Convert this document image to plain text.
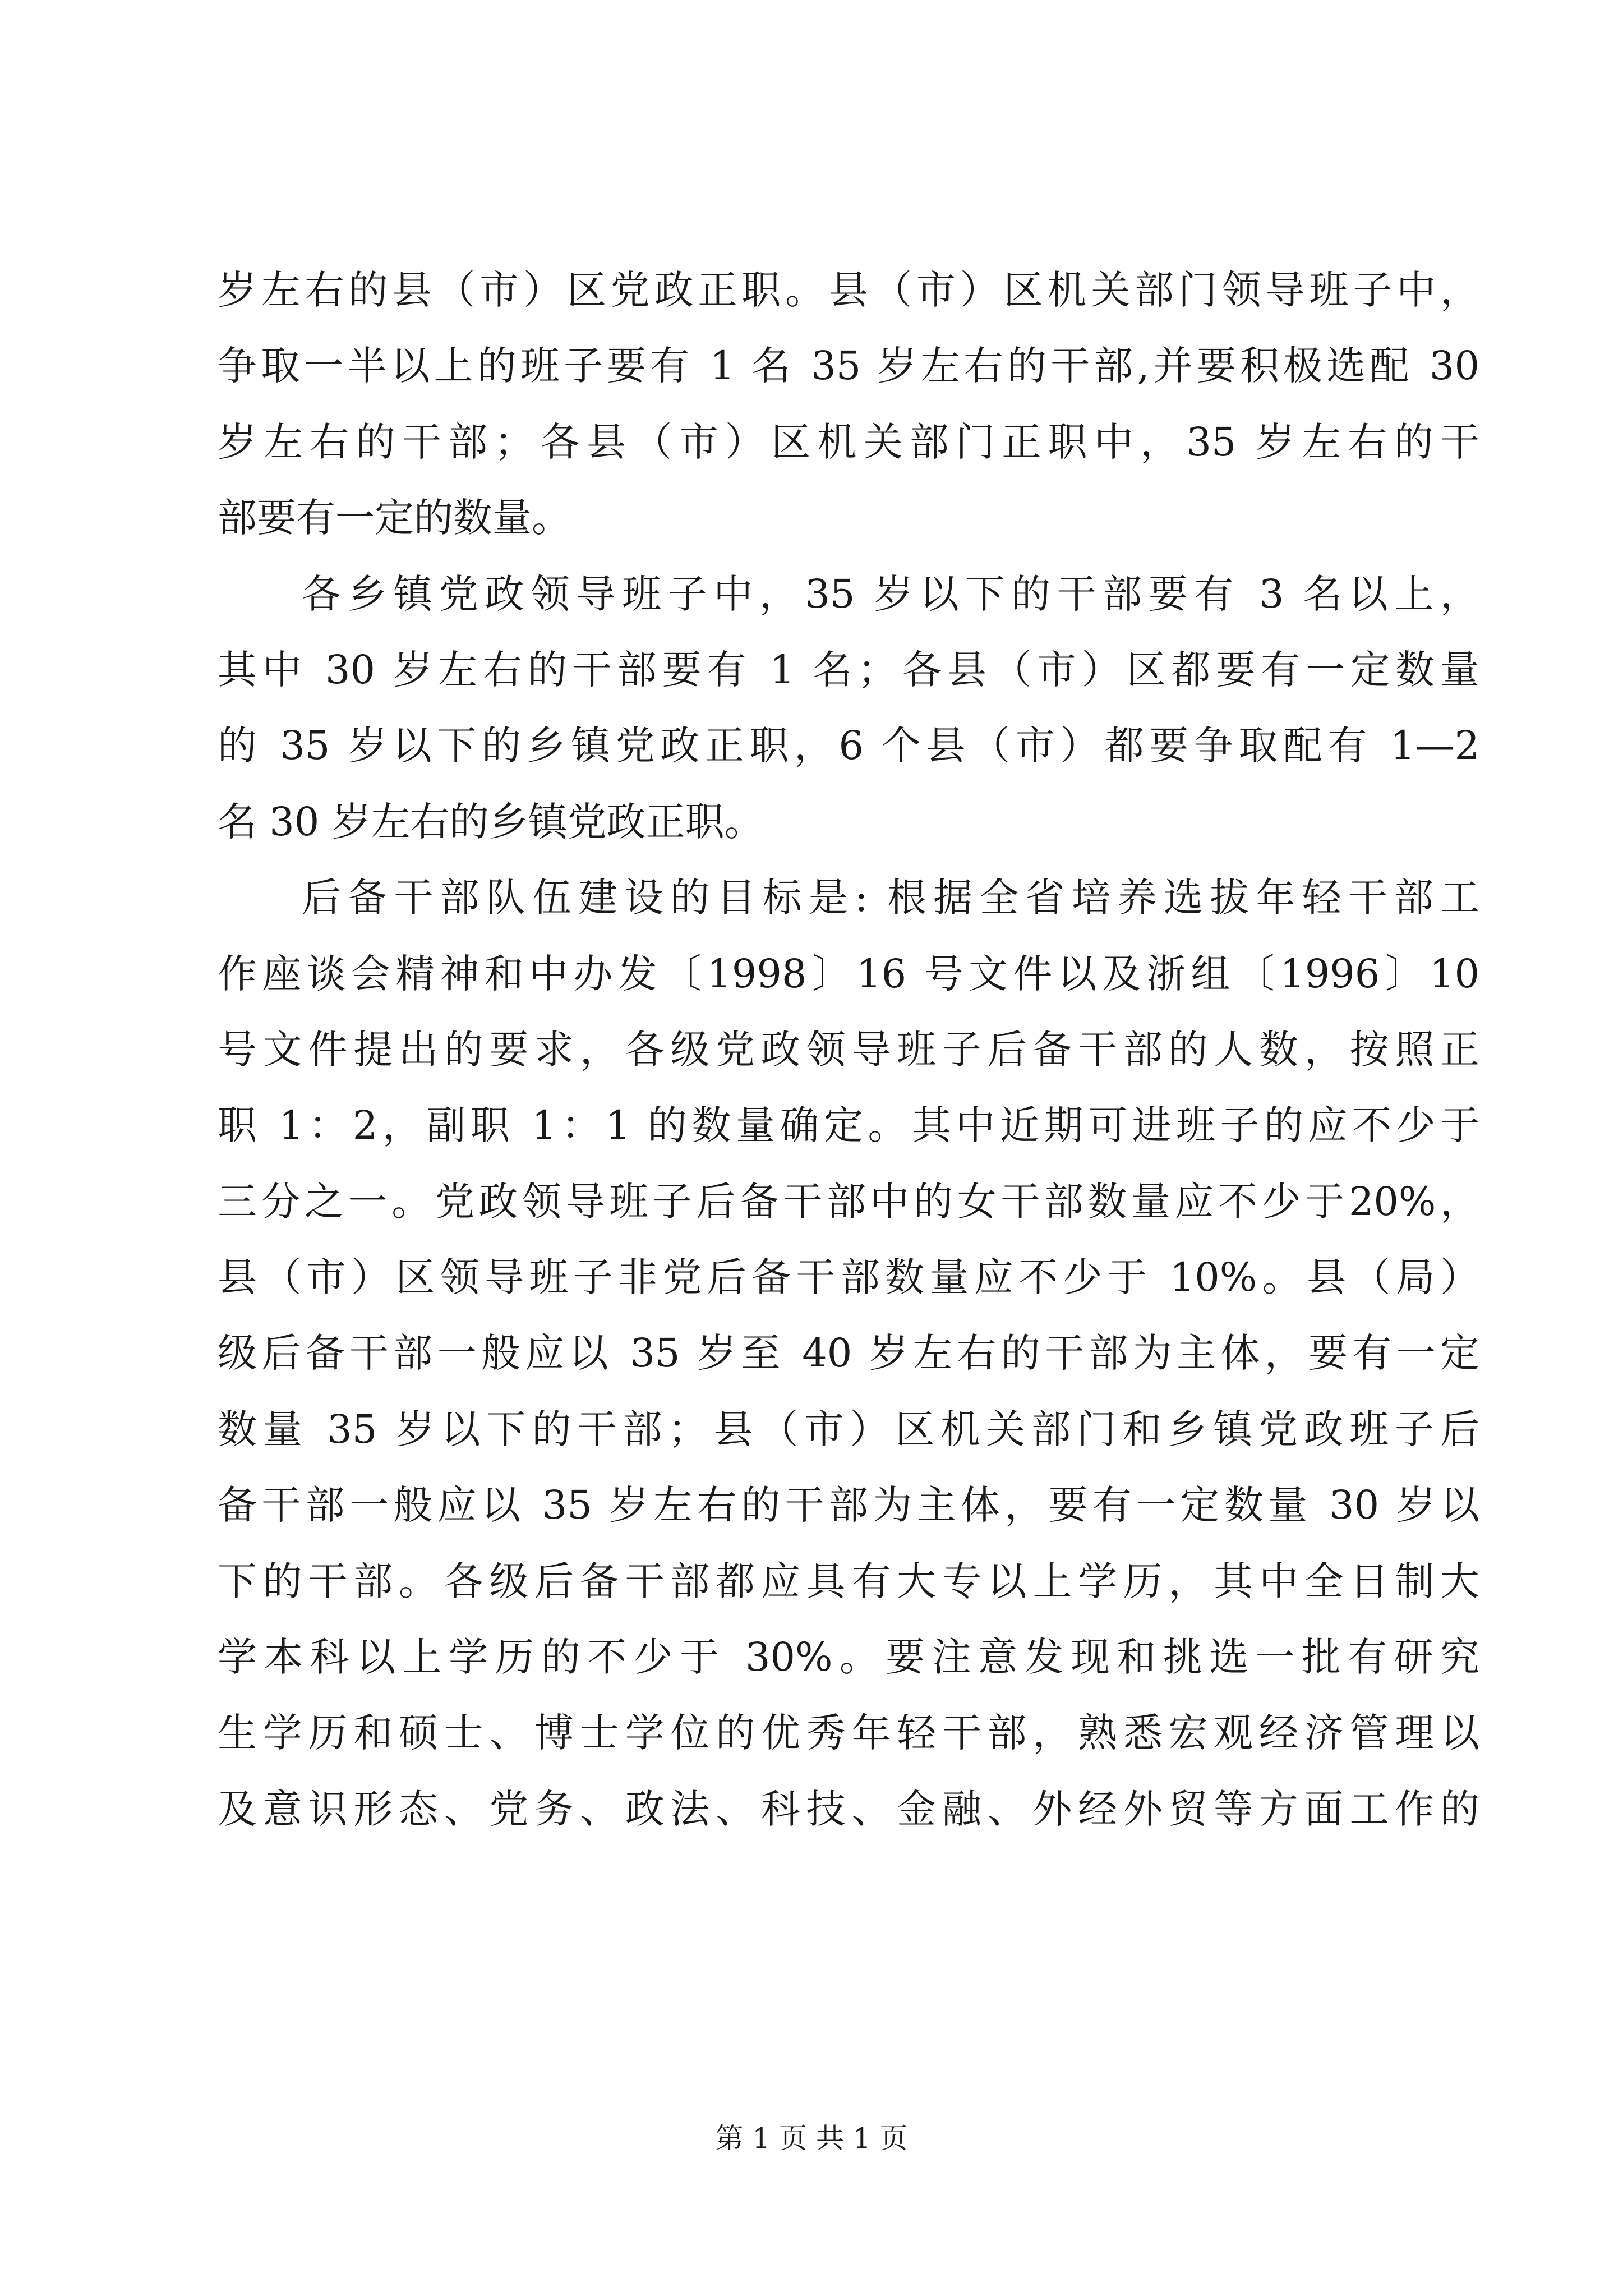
岁左右的县（市）区党政正职。县（市）区机关部门领导班子中，
争取一半以上的班子要有 1 名 35 岁左右的干部,并要积极选配 30
岁左右的干部；各县（市）区机关部门正职中，35 岁左右的干
部要有一定的数量。
各乡镇党政领导班子中，35 岁以下的干部要有 3 名以上，
其中 30 岁左右的干部要有 1 名；各县（市）区都要有一定数量
的 35 岁以下的乡镇党政正职，6 个县（市）都要争取配有 1—2
名 30 岁左右的乡镇党政正职。
后备干部队伍建设的目标是: 根据全省培养选拔年轻干部工
作座谈会精神和中办发〔1998〕16 号文件以及浙组〔1996〕10
号文件提出的要求，各级党政领导班子后备干部的人数，按照正
职 1：2，副职 1：1 的数量确定。其中近期可进班子的应不少于
三分之一。党政领导班子后备干部中的女干部数量应不少于20%，
县（市）区领导班子非党后备干部数量应不少于 10%。县（局）
级后备干部一般应以 35 岁至 40 岁左右的干部为主体，要有一定
数量 35 岁以下的干部；县（市）区机关部门和乡镇党政班子后
备干部一般应以 35 岁左右的干部为主体，要有一定数量 30 岁以
下的干部。各级后备干部都应具有大专以上学历，其中全日制大
学本科以上学历的不少于 30%。要注意发现和挑选一批有研究
生学历和硕士、博士学位的优秀年轻干部，熟悉宏观经济管理以
及意识形态、党务、政法、科技、金融、外经外贸等方面工作的
第 1 页 共 1 页
